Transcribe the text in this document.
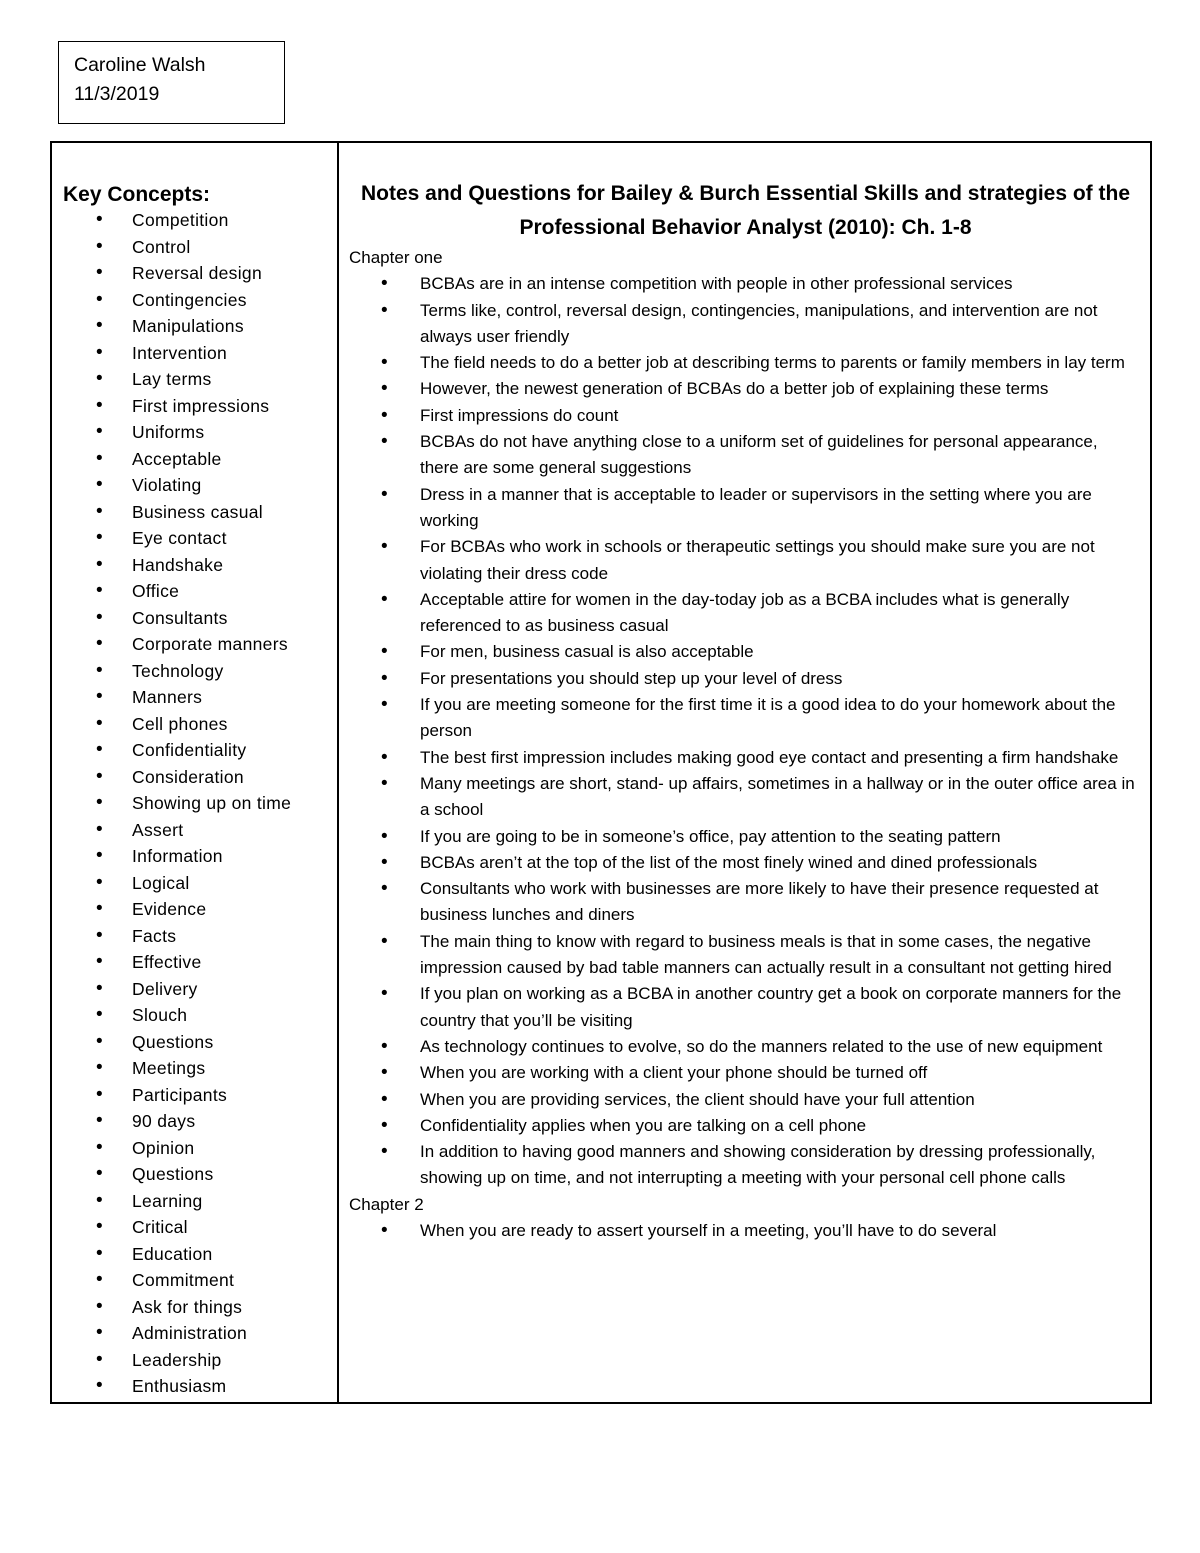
Caroline Walsh
11/3/2019
Key Concepts:
• Competition
• Control
• Reversal design
• Contingencies
• Manipulations
• Intervention
• Lay terms
• First impressions
• Uniforms
• Acceptable
• Violating
• Business casual
• Eye contact
• Handshake
• Office
• Consultants
• Corporate manners
• Technology
• Manners
• Cell phones
• Confidentiality
• Consideration
• Showing up on time
• Assert
• Information
• Logical
• Evidence
• Facts
• Effective
• Delivery
• Slouch
• Questions
• Meetings
• Participants
• 90 days
• Opinion
• Questions
• Learning
• Critical
• Education
• Commitment
• Ask for things
• Administration
• Leadership
• Enthusiasm
Notes and Questions for Bailey & Burch Essential Skills and strategies of the Professional Behavior Analyst (2010): Ch. 1-8
Chapter one
• BCBAs are in an intense competition with people in other professional services
• Terms like, control, reversal design, contingencies, manipulations, and intervention are not always user friendly
• The field needs to do a better job at describing terms to parents or family members in lay term
• However, the newest generation of BCBAs do a better job of explaining these terms
• First impressions do count
• BCBAs do not have anything close to a uniform set of guidelines for personal appearance, there are some general suggestions
• Dress in a manner that is acceptable to leader or supervisors in the setting where you are working
• For BCBAs who work in schools or therapeutic settings you should make sure you are not violating their dress code
• Acceptable attire for women in the day-today job as a BCBA includes what is generally referenced to as business casual
• For men, business casual is also acceptable
• For presentations you should step up your level of dress
• If you are meeting someone for the first time it is a good idea to do your homework about the person
• The best first impression includes making good eye contact and presenting a firm handshake
• Many meetings are short, stand- up affairs, sometimes in a hallway or in the outer office area in a school
• If you are going to be in someone’s office, pay attention to the seating pattern
• BCBAs aren’t at the top of the list of the most finely wined and dined professionals
• Consultants who work with businesses are more likely to have their presence requested at business lunches and diners
• The main thing to know with regard to business meals is that in some cases, the negative impression caused by bad table manners can actually result in a consultant not getting hired
• If you plan on working as a BCBA in another country get a book on corporate manners for the country that you’ll be visiting
• As technology continues to evolve, so do the manners related to the use of new equipment
• When you are working with a client your phone should be turned off
• When you are providing services, the client should have your full attention
• Confidentiality applies when you are talking on a cell phone
• In addition to having good manners and showing consideration by dressing professionally, showing up on time, and not interrupting a meeting with your personal cell phone calls
Chapter 2
• When you are ready to assert yourself in a meeting, you’ll have to do several
